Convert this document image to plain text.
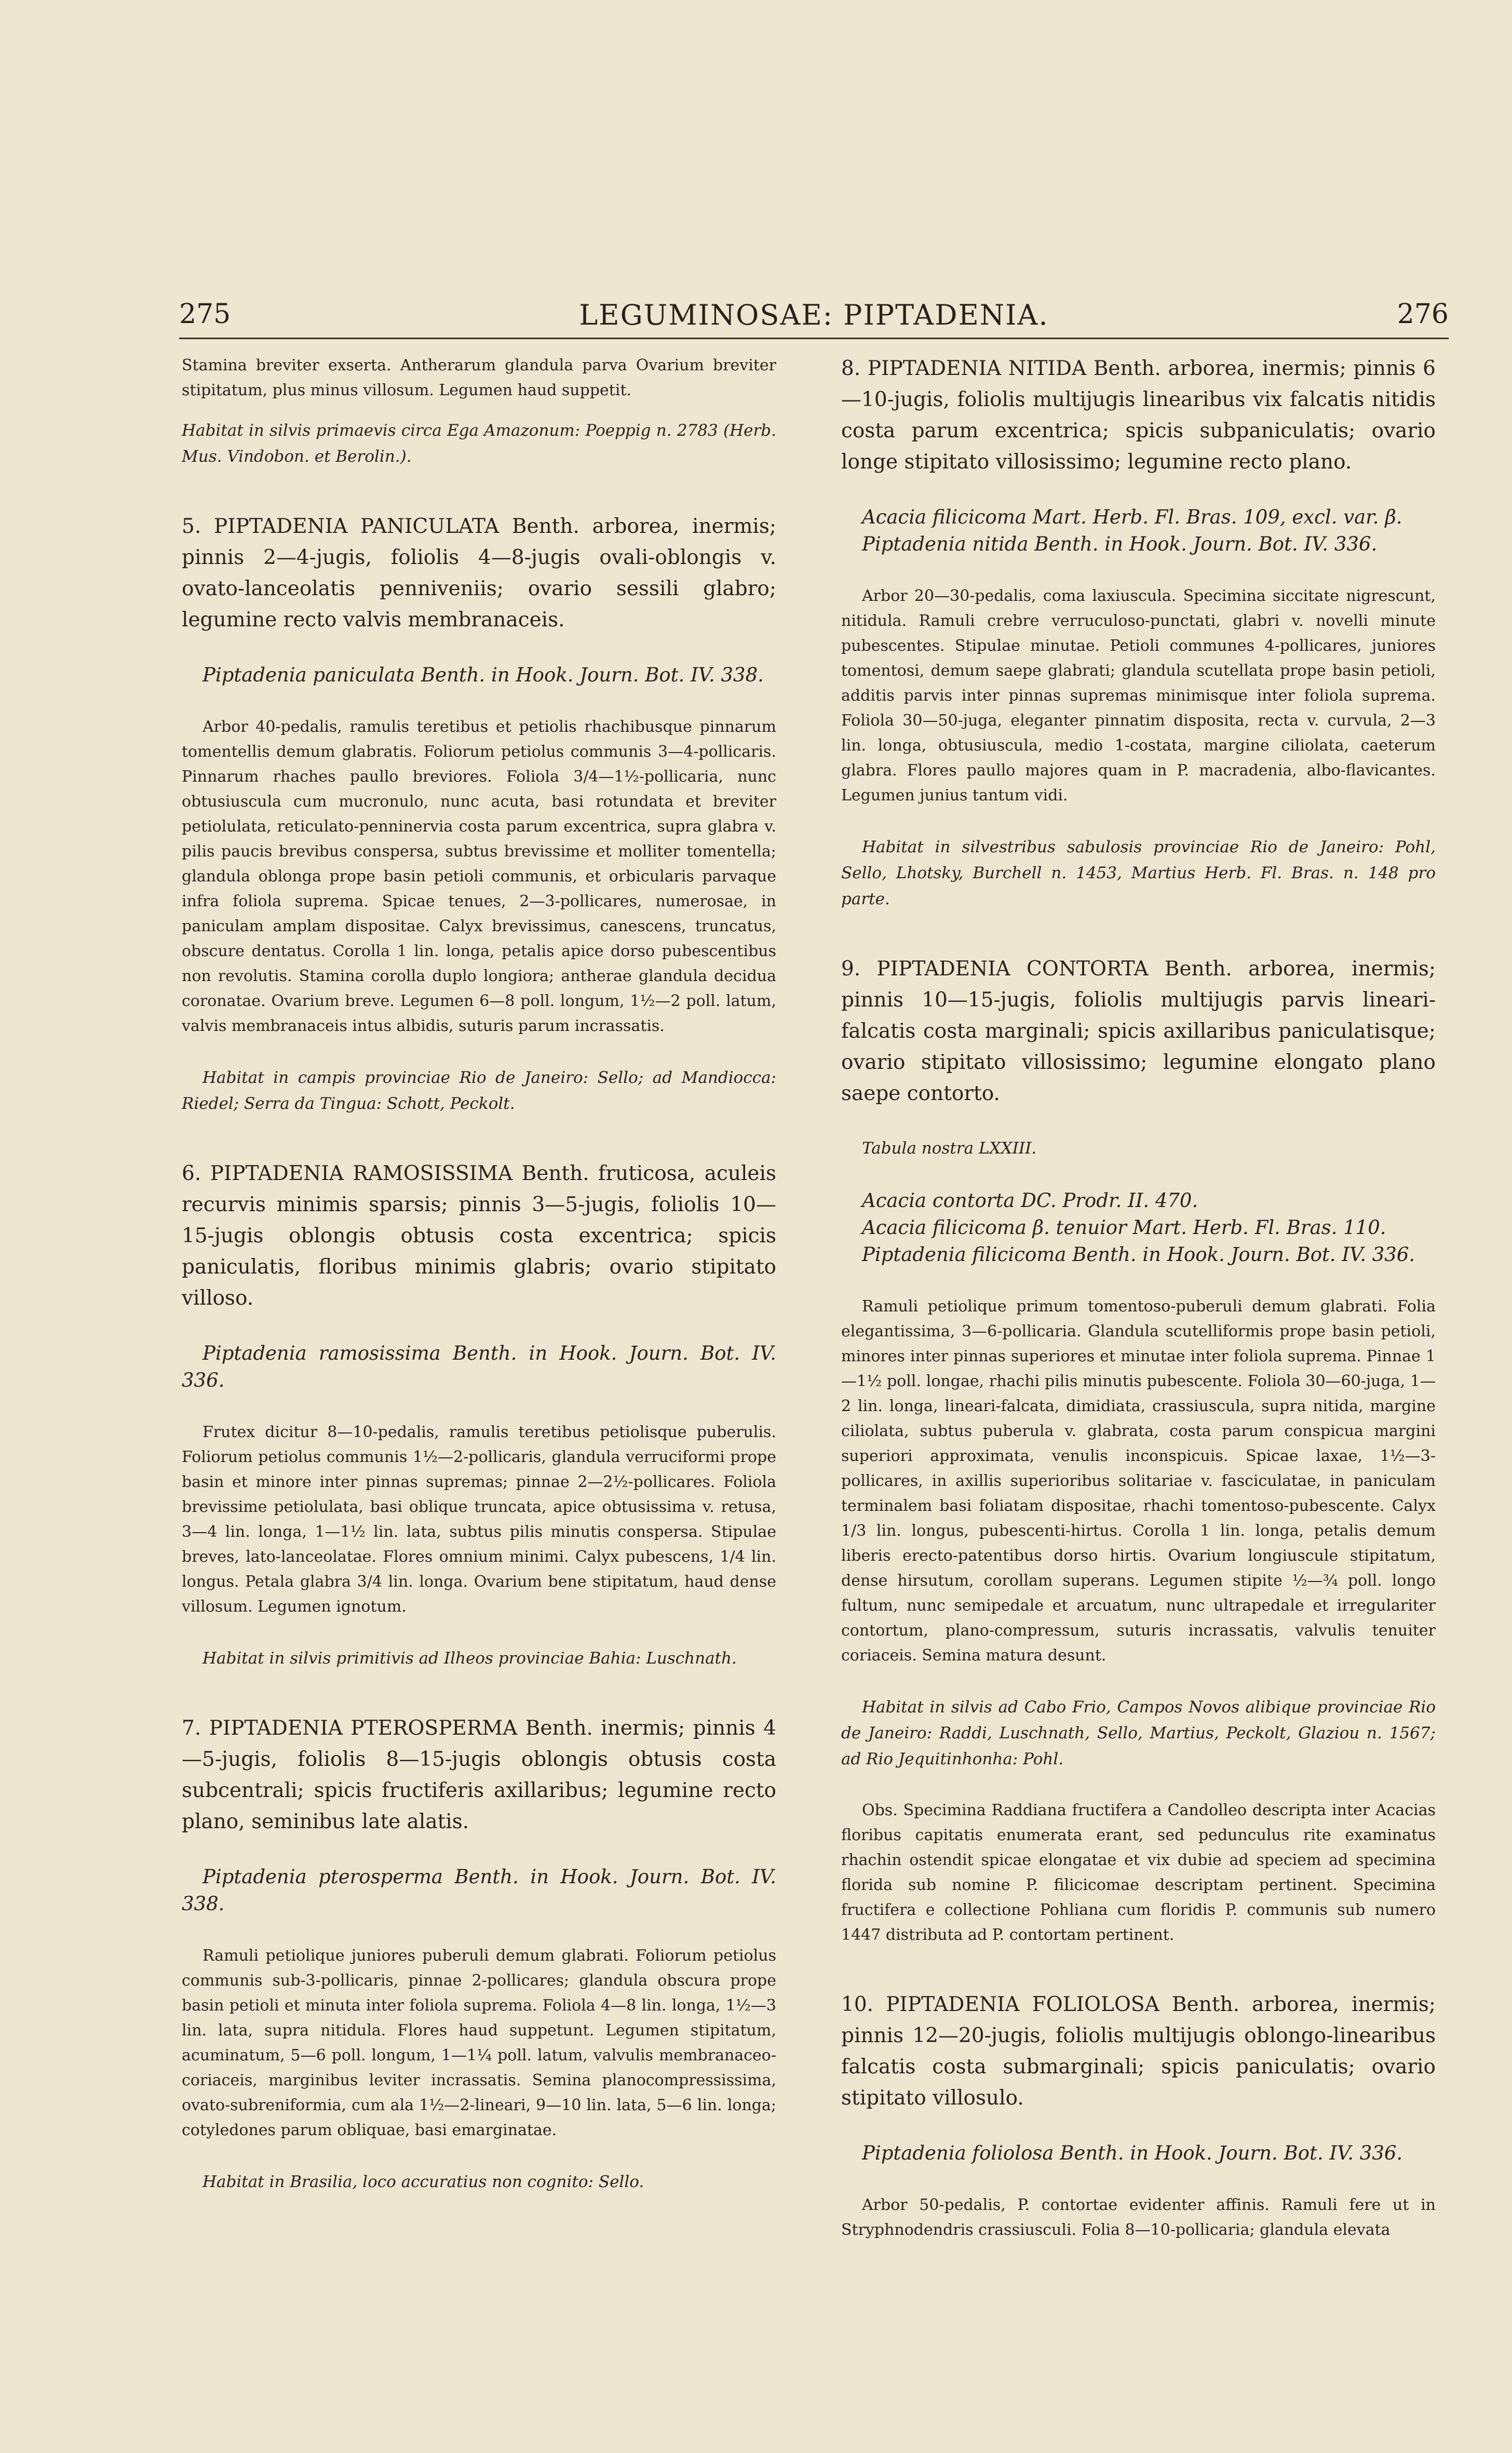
275	LEGUMINOSAE: PIPTADENIA.	276

Stamina breviter exserta. Antherarum glandula parva Ovarium breviter stipitatum, plus minus villosum. Legumen haud suppetit.

Habitat in silvis primaevis circa Ega Amazonum: Poeppig n. 2783 (Herb. Mus. Vindobon. et Berolin.).

5. PIPTADENIA PANICULATA Benth. arborea, inermis; pinnis 2—4-jugis, foliolis 4—8-jugis ovali-oblongis v. ovato-lanceolatis penniveniis; ovario sessili glabro; legumine recto valvis membranaceis.

Piptadenia paniculata Benth. in Hook. Journ. Bot. IV. 338.

Arbor 40-pedalis, ramulis teretibus et petiolis rhachibusque pinnarum tomentellis demum glabratis. Foliorum petiolus communis 3—4-pollicaris. Pinnarum rhaches paullo breviores. Foliola 3/4—1½-pollicaria, nunc obtusiuscula cum mucronulo, nunc acuta, basi rotundata et breviter petiolulata, reticulato-penninervia costa parum excentrica, supra glabra v. pilis paucis brevibus conspersa, subtus brevissime et molliter tomentella; glandula oblonga prope basin petioli communis, et orbicularis parvaque infra foliola suprema. Spicae tenues, 2—3-pollicares, numerosae, in paniculam amplam dispositae. Calyx brevissimus, canescens, truncatus, obscure dentatus. Corolla 1 lin. longa, petalis apice dorso pubescentibus non revolutis. Stamina corolla duplo longiora; antherae glandula decidua coronatae. Ovarium breve. Legumen 6—8 poll. longum, 1½—2 poll. latum, valvis membranaceis intus albidis, suturis parum incrassatis.

Habitat in campis provinciae Rio de Janeiro: Sello; ad Mandiocca: Riedel; Serra da Tingua: Schott, Peckolt.

6. PIPTADENIA RAMOSISSIMA Benth. fruticosa, aculeis recurvis minimis sparsis; pinnis 3—5-jugis, foliolis 10—15-jugis oblongis obtusis costa excentrica; spicis paniculatis, floribus minimis glabris; ovario stipitato villoso.

Piptadenia ramosissima Benth. in Hook. Journ. Bot. IV. 336.

Frutex dicitur 8—10-pedalis, ramulis teretibus petiolisque puberulis. Foliorum petiolus communis 1½—2-pollicaris, glandula verruciformi prope basin et minore inter pinnas supremas; pinnae 2—2½-pollicares. Foliola brevissime petiolulata, basi oblique truncata, apice obtusissima v. retusa, 3—4 lin. longa, 1—1½ lin. lata, subtus pilis minutis conspersa. Stipulae breves, lato-lanceolatae. Flores omnium minimi. Calyx pubescens, 1/4 lin. longus. Petala glabra 3/4 lin. longa. Ovarium bene stipitatum, haud dense villosum. Legumen ignotum.

Habitat in silvis primitivis ad Ilheos provinciae Bahia: Luschnath.

7. PIPTADENIA PTEROSPERMA Benth. inermis; pinnis 4—5-jugis, foliolis 8—15-jugis oblongis obtusis costa subcentrali; spicis fructiferis axillaribus; legumine recto plano, seminibus late alatis.

Piptadenia pterosperma Benth. in Hook. Journ. Bot. IV. 338.

Ramuli petiolique juniores puberuli demum glabrati. Foliorum petiolus communis sub-3-pollicaris, pinnae 2-pollicares; glandula obscura prope basin petioli et minuta inter foliola suprema. Foliola 4—8 lin. longa, 1½—3 lin. lata, supra nitidula. Flores haud suppetunt. Legumen stipitatum, acuminatum, 5—6 poll. longum, 1—1¼ poll. latum, valvulis membranaceo-coriaceis, marginibus leviter incrassatis. Semina planocompressissima, ovato-subreniformia, cum ala 1½—2-lineari, 9—10 lin. lata, 5—6 lin. longa; cotyledones parum obliquae, basi emarginatae.

Habitat in Brasilia, loco accuratius non cognito: Sello.

8. PIPTADENIA NITIDA Benth. arborea, inermis; pinnis 6—10-jugis, foliolis multijugis linearibus vix falcatis nitidis costa parum excentrica; spicis subpaniculatis; ovario longe stipitato villosissimo; legumine recto plano.

Acacia filicicoma Mart. Herb. Fl. Bras. 109, excl. var. β.

Piptadenia nitida Benth. in Hook. Journ. Bot. IV. 336.

Arbor 20—30-pedalis, coma laxiuscula. Specimina siccitate nigrescunt, nitidula. Ramuli crebre verruculoso-punctati, glabri v. novelli minute pubescentes. Stipulae minutae. Petioli communes 4-pollicares, juniores tomentosi, demum saepe glabrati; glandula scutellata prope basin petioli, additis parvis inter pinnas supremas minimisque inter foliola suprema. Foliola 30—50-juga, eleganter pinnatim disposita, recta v. curvula, 2—3 lin. longa, obtusiuscula, medio 1-costata, margine ciliolata, caeterum glabra. Flores paullo majores quam in P. macradenia, albo-flavicantes. Legumen junius tantum vidi.

Habitat in silvestribus sabulosis provinciae Rio de Janeiro: Pohl, Sello, Lhotsky, Burchell n. 1453, Martius Herb. Fl. Bras. n. 148 pro parte.

9. PIPTADENIA CONTORTA Benth. arborea, inermis; pinnis 10—15-jugis, foliolis multijugis parvis lineari-falcatis costa marginali; spicis axillaribus paniculatisque; ovario stipitato villosissimo; legumine elongato plano saepe contorto.

Tabula nostra LXXIII.

Acacia contorta DC. Prodr. II. 470.

Acacia filicicoma β. tenuior Mart. Herb. Fl. Bras. 110.

Piptadenia filicicoma Benth. in Hook. Journ. Bot. IV. 336.

Ramuli petiolique primum tomentoso-puberuli demum glabrati. Folia elegantissima, 3—6-pollicaria. Glandula scutelliformis prope basin petioli, minores inter pinnas superiores et minutae inter foliola suprema. Pinnae 1—1½ poll. longae, rhachi pilis minutis pubescente. Foliola 30—60-juga, 1—2 lin. longa, lineari-falcata, dimidiata, crassiuscula, supra nitida, margine ciliolata, subtus puberula v. glabrata, costa parum conspicua margini superiori approximata, venulis inconspicuis. Spicae laxae, 1½—3-pollicares, in axillis superioribus solitariae v. fasciculatae, in paniculam terminalem basi foliatam dispositae, rhachi tomentoso-pubescente. Calyx 1/3 lin. longus, pubescenti-hirtus. Corolla 1 lin. longa, petalis demum liberis erecto-patentibus dorso hirtis. Ovarium longiuscule stipitatum, dense hirsutum, corollam superans. Legumen stipite ½—¾ poll. longo fultum, nunc semipedale et arcuatum, nunc ultrapedale et irregulariter contortum, plano-compressum, suturis incrassatis, valvulis tenuiter coriaceis. Semina matura desunt.

Habitat in silvis ad Cabo Frio, Campos Novos alibique provinciae Rio de Janeiro: Raddi, Luschnath, Sello, Martius, Peckolt, Glaziou n. 1567; ad Rio Jequitinhonha: Pohl.

Obs. Specimina Raddiana fructifera a Candolleo descripta inter Acacias floribus capitatis enumerata erant, sed pedunculus rite examinatus rhachin ostendit spicae elongatae et vix dubie ad speciem ad specimina florida sub nomine P. filicicomae descriptam pertinent. Specimina fructifera e collectione Pohliana cum floridis P. communis sub numero 1447 distributa ad P. contortam pertinent.

10. PIPTADENIA FOLIOLOSA Benth. arborea, inermis; pinnis 12—20-jugis, foliolis multijugis oblongo-linearibus falcatis costa submarginali; spicis paniculatis; ovario stipitato villosulo.

Piptadenia foliolosa Benth. in Hook. Journ. Bot. IV. 336.

Arbor 50-pedalis, P. contortae evidenter affinis. Ramuli fere ut in Stryphnodendris crassiusculi. Folia 8—10-pollicaria; glandula elevata
